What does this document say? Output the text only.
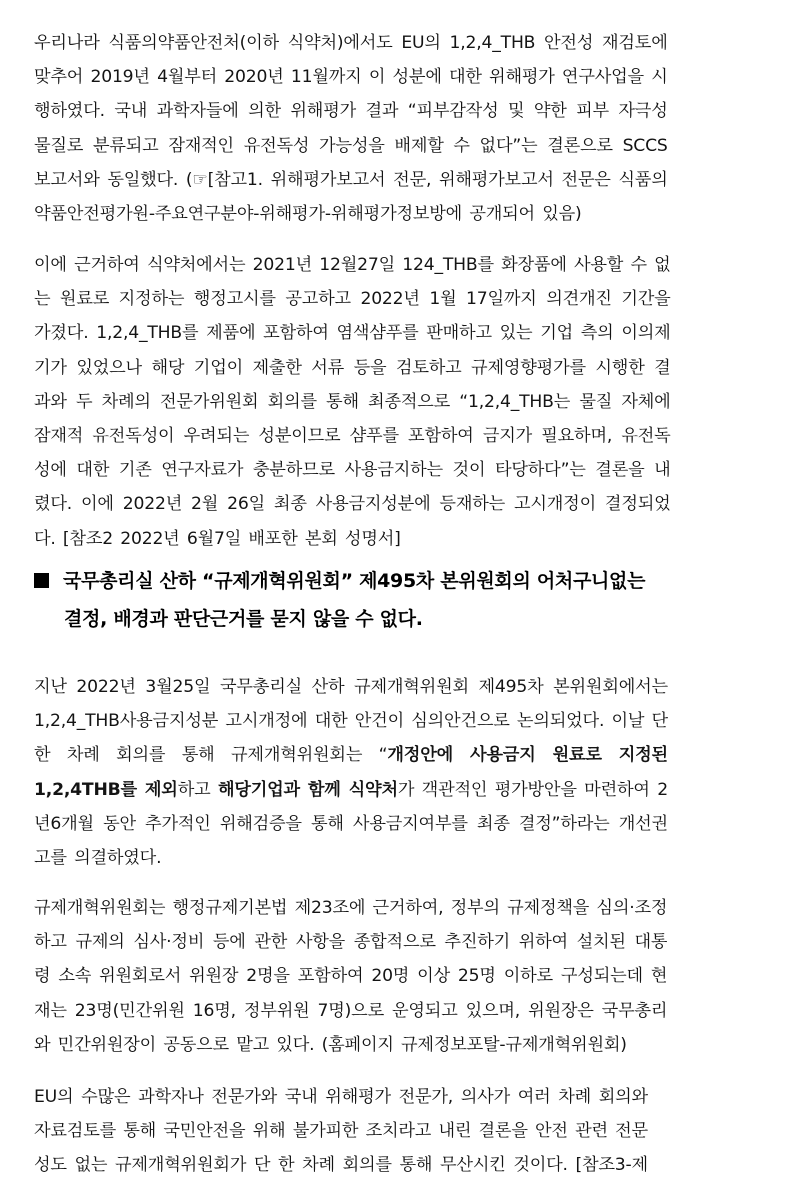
우리나라 식품의약품안전처(이하 식약처)에서도 EU의 1,2,4_THB 안전성 재검토에
맞추어 2019년 4월부터 2020년 11월까지 이 성분에 대한 위해평가 연구사업을 시
행하였다. 국내 과학자들에 의한 위해평가 결과 “피부감작성 및 약한 피부 자극성
물질로 분류되고 잠재적인 유전독성 가능성을 배제할 수 없다”는 결론으로 SCCS
보고서와 동일했다. (☞[참고1. 위해평가보고서 전문, 위해평가보고서 전문은 식품의
약품안전평가원-주요연구분야-위해평가-위해평가정보방에 공개되어 있음)
이에 근거하여 식약처에서는 2021년 12월27일 124_THB를 화장품에 사용할 수 없
는 원료로 지정하는 행정고시를 공고하고 2022년 1월 17일까지 의견개진 기간을
가졌다. 1,2,4_THB를 제품에 포함하여 염색샴푸를 판매하고 있는 기업 측의 이의제
기가 있었으나 해당 기업이 제출한 서류 등을 검토하고 규제영향평가를 시행한 결
과와 두 차례의 전문가위원회 회의를 통해 최종적으로 “1,2,4_THB는 물질 자체에
잠재적 유전독성이 우려되는 성분이므로 샴푸를 포함하여 금지가 필요하며, 유전독
성에 대한 기존 연구자료가 충분하므로 사용금지하는 것이 타당하다”는 결론을 내
렸다. 이에 2022년 2월 26일 최종 사용금지성분에 등재하는 고시개정이 결정되었
다. [참조2 2022년 6월7일 배포한 본회 성명서]
국무총리실 산하 “규제개혁위원회” 제495차 본위원회의 어처구니없는
결정, 배경과 판단근거를 묻지 않을 수 없다.
지난 2022년 3월25일 국무총리실 산하 규제개혁위원회 제495차 본위원회에서는
1,2,4_THB사용금지성분 고시개정에 대한 안건이 심의안건으로 논의되었다. 이날 단
한 차례 회의를 통해 규제개혁위원회는 “개정안에 사용금지 원료로 지정된
1,2,4THB를 제외하고 해당기업과 함께 식약처가 객관적인 평가방안을 마련하여 2
년6개월 동안 추가적인 위해검증을 통해 사용금지여부를 최종 결정”하라는 개선권
고를 의결하였다.
규제개혁위원회는 행정규제기본법 제23조에 근거하여, 정부의 규제정책을 심의·조정
하고 규제의 심사·정비 등에 관한 사항을 종합적으로 추진하기 위하여 설치된 대통
령 소속 위원회로서 위원장 2명을 포함하여 20명 이상 25명 이하로 구성되는데 현
재는 23명(민간위원 16명, 정부위원 7명)으로 운영되고 있으며, 위원장은 국무총리
와 민간위원장이 공동으로 맡고 있다. (홈페이지 규제정보포탈-규제개혁위원회)
EU의 수많은 과학자나 전문가와 국내 위해평가 전문가, 의사가 여러 차례 회의와
자료검토를 통해 국민안전을 위해 불가피한 조치라고 내린 결론을 안전 관련 전문
성도 없는 규제개혁위원회가 단 한 차례 회의를 통해 무산시킨 것이다. [참조3-제
